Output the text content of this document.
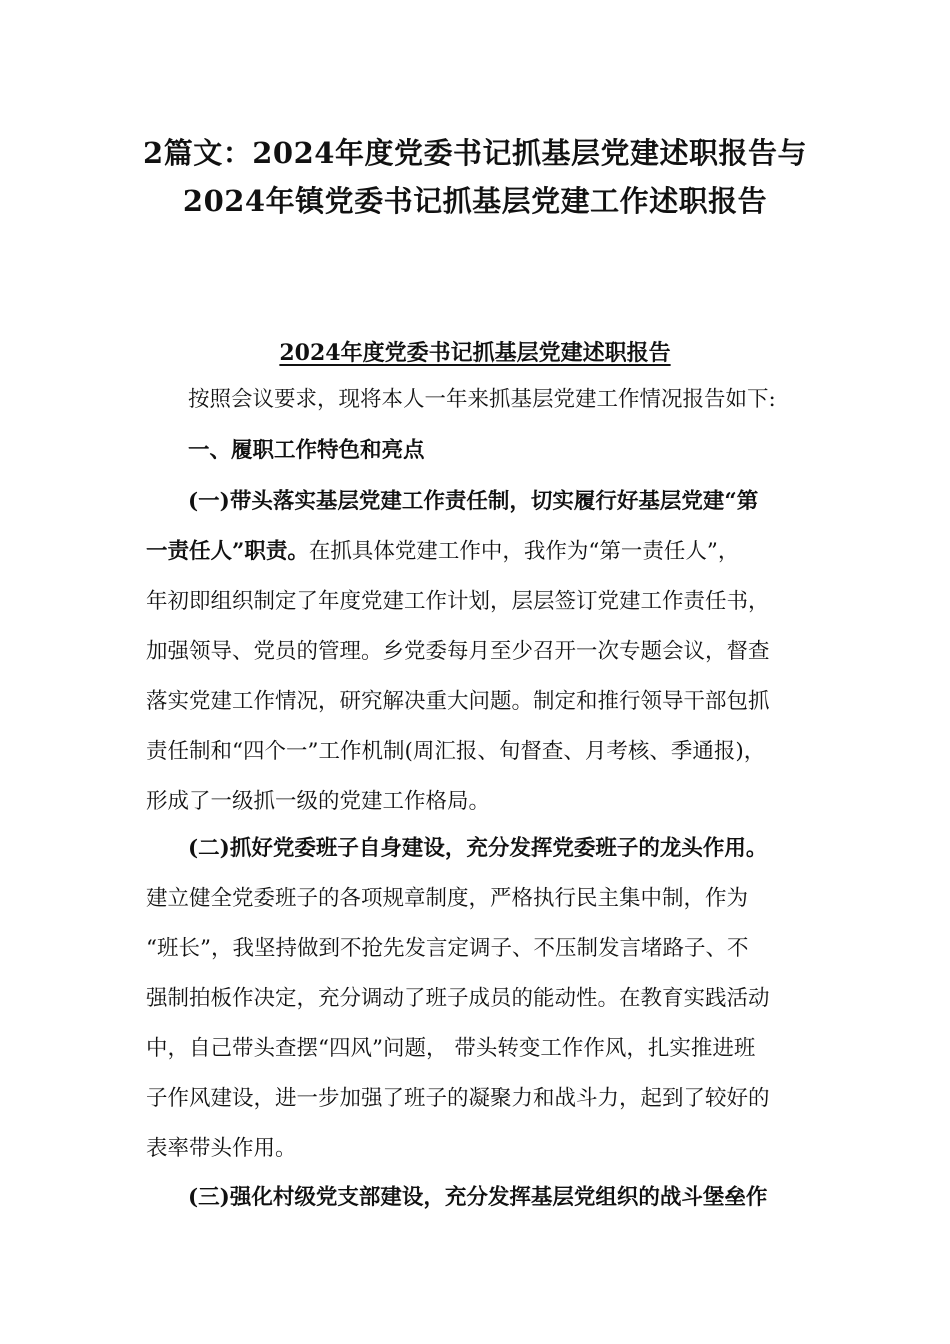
2篇文：2024年度党委书记抓基层党建述职报告与
2024年镇党委书记抓基层党建工作述职报告
2024年度党委书记抓基层党建述职报告
按照会议要求，现将本人一年来抓基层党建工作情况报告如下:
一、履职工作特色和亮点
(一)带头落实基层党建工作责任制，切实履行好基层党建“第
一责任人”职责。在抓具体党建工作中，我作为“第一责任人”，
年初即组织制定了年度党建工作计划，层层签订党建工作责任书，
加强领导、党员的管理。乡党委每月至少召开一次专题会议，督查
落实党建工作情况，研究解决重大问题。制定和推行领导干部包抓
责任制和“四个一”工作机制(周汇报、旬督查、月考核、季通报)，
形成了一级抓一级的党建工作格局。
(二)抓好党委班子自身建设，充分发挥党委班子的龙头作用。
建立健全党委班子的各项规章制度，严格执行民主集中制，作为
“班长”，我坚持做到不抢先发言定调子、不压制发言堵路子、不
强制拍板作决定，充分调动了班子成员的能动性。在教育实践活动
中，自己带头查摆“四风”问题， 带头转变工作作风，扎实推进班
子作风建设，进一步加强了班子的凝聚力和战斗力，起到了较好的
表率带头作用。
(三)强化村级党支部建设，充分发挥基层党组织的战斗堡垒作
